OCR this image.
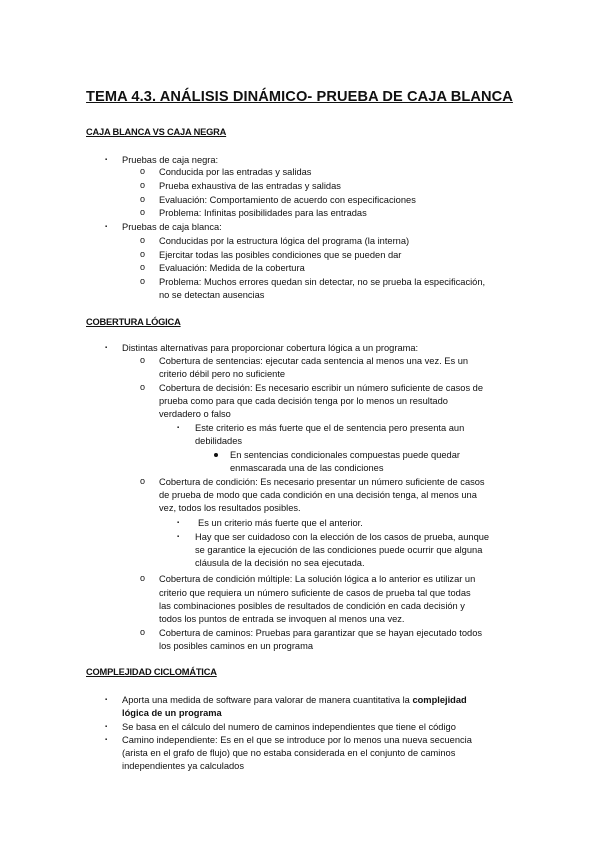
TEMA 4.3. ANÁLISIS DINÁMICO- PRUEBA DE CAJA BLANCA
CAJA BLANCA VS CAJA NEGRA
▪ Pruebas de caja negra:
o Conducida por las entradas y salidas
o Prueba exhaustiva de las entradas y salidas
o Evaluación: Comportamiento de acuerdo con especificaciones
o Problema: Infinitas posibilidades para las entradas
▪ Pruebas de caja blanca:
o Conducidas por la estructura lógica del programa (la interna)
o Ejercitar todas las posibles condiciones que se pueden dar
o Evaluación: Medida de la cobertura
o Problema: Muchos errores quedan sin detectar, no se prueba la especificación,
no se detectan ausencias
COBERTURA LÓGICA
▪ Distintas alternativas para proporcionar cobertura lógica a un programa:
o Cobertura de sentencias: ejecutar cada sentencia al menos una vez. Es un
criterio débil pero no suficiente
o Cobertura de decisión: Es necesario escribir un número suficiente de casos de
prueba como para que cada decisión tenga por lo menos un resultado
verdadero o falso
▪ Este criterio es más fuerte que el de sentencia pero presenta aun
debilidades
En sentencias condicionales compuestas puede quedar
enmascarada una de las condiciones
o Cobertura de condición: Es necesario presentar un número suficiente de casos
de prueba de modo que cada condición en una decisión tenga, al menos una
vez, todos los resultados posibles.
▪ Es un criterio más fuerte que el anterior.
▪ Hay que ser cuidadoso con la elección de los casos de prueba, aunque
se garantice la ejecución de las condiciones puede ocurrir que alguna
cláusula de la decisión no sea ejecutada.
o Cobertura de condición múltiple: La solución lógica a lo anterior es utilizar un
criterio que requiera un número suficiente de casos de prueba tal que todas
las combinaciones posibles de resultados de condición en cada decisión y
todos los puntos de entrada se invoquen al menos una vez.
o Cobertura de caminos: Pruebas para garantizar que se hayan ejecutado todos
los posibles caminos en un programa
COMPLEJIDAD CICLOMÁTICA
▪ Aporta una medida de software para valorar de manera cuantitativa la complejidad
lógica de un programa
▪ Se basa en el cálculo del numero de caminos independientes que tiene el código
▪ Camino independiente: Es en el que se introduce por lo menos una nueva secuencia
(arista en el grafo de flujo) que no estaba considerada en el conjunto de caminos
independientes ya calculados
